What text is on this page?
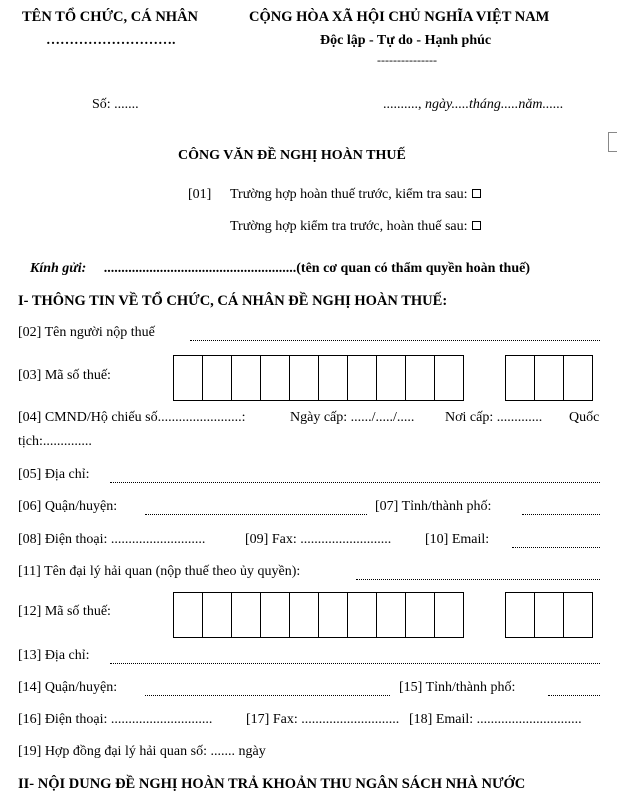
TÊN TỔ CHỨC, CÁ NHÂN
……………………….
CỘNG HÒA XÃ HỘI CHỦ NGHĨA VIỆT NAM
Độc lập - Tự do - Hạnh phúc
---------------
Số: .......	.........., ngày.....tháng.....năm......
CÔNG VĂN ĐỀ NGHỊ HOÀN THUẾ
[01] Trường hợp hoàn thuế trước, kiểm tra sau:
Trường hợp kiểm tra trước, hoàn thuế sau:
Kính gửi: .......................................................(tên cơ quan có thẩm quyền hoàn thuế)
I- THÔNG TIN VỀ TỔ CHỨC, CÁ NHÂN ĐỀ NGHỊ HOÀN THUẾ:
[02] Tên người nộp thuế
[03] Mã số thuế:
[04] CMND/Hộ chiếu số........................:	Ngày cấp: ....../...../..... Nơi cấp: ............. Quốc
tịch:..............
[05] Địa chỉ:
[06] Quận/huyện:	[07] Tỉnh/thành phố:
[08] Điện thoại: ...........................	[09] Fax: .......................... [10] Email:
[11] Tên đại lý hải quan (nộp thuế theo ủy quyền):
[12] Mã số thuế:
[13] Địa chỉ:
[14] Quận/huyện:	[15] Tỉnh/thành phố:
[16] Điện thoại: ............................. [17] Fax: ............................ [18] Email: ..............................
[19] Hợp đồng đại lý hải quan số: ....... ngày
II- NỘI DUNG ĐỀ NGHỊ HOÀN TRẢ KHOẢN THU NGÂN SÁCH NHÀ NƯỚC
